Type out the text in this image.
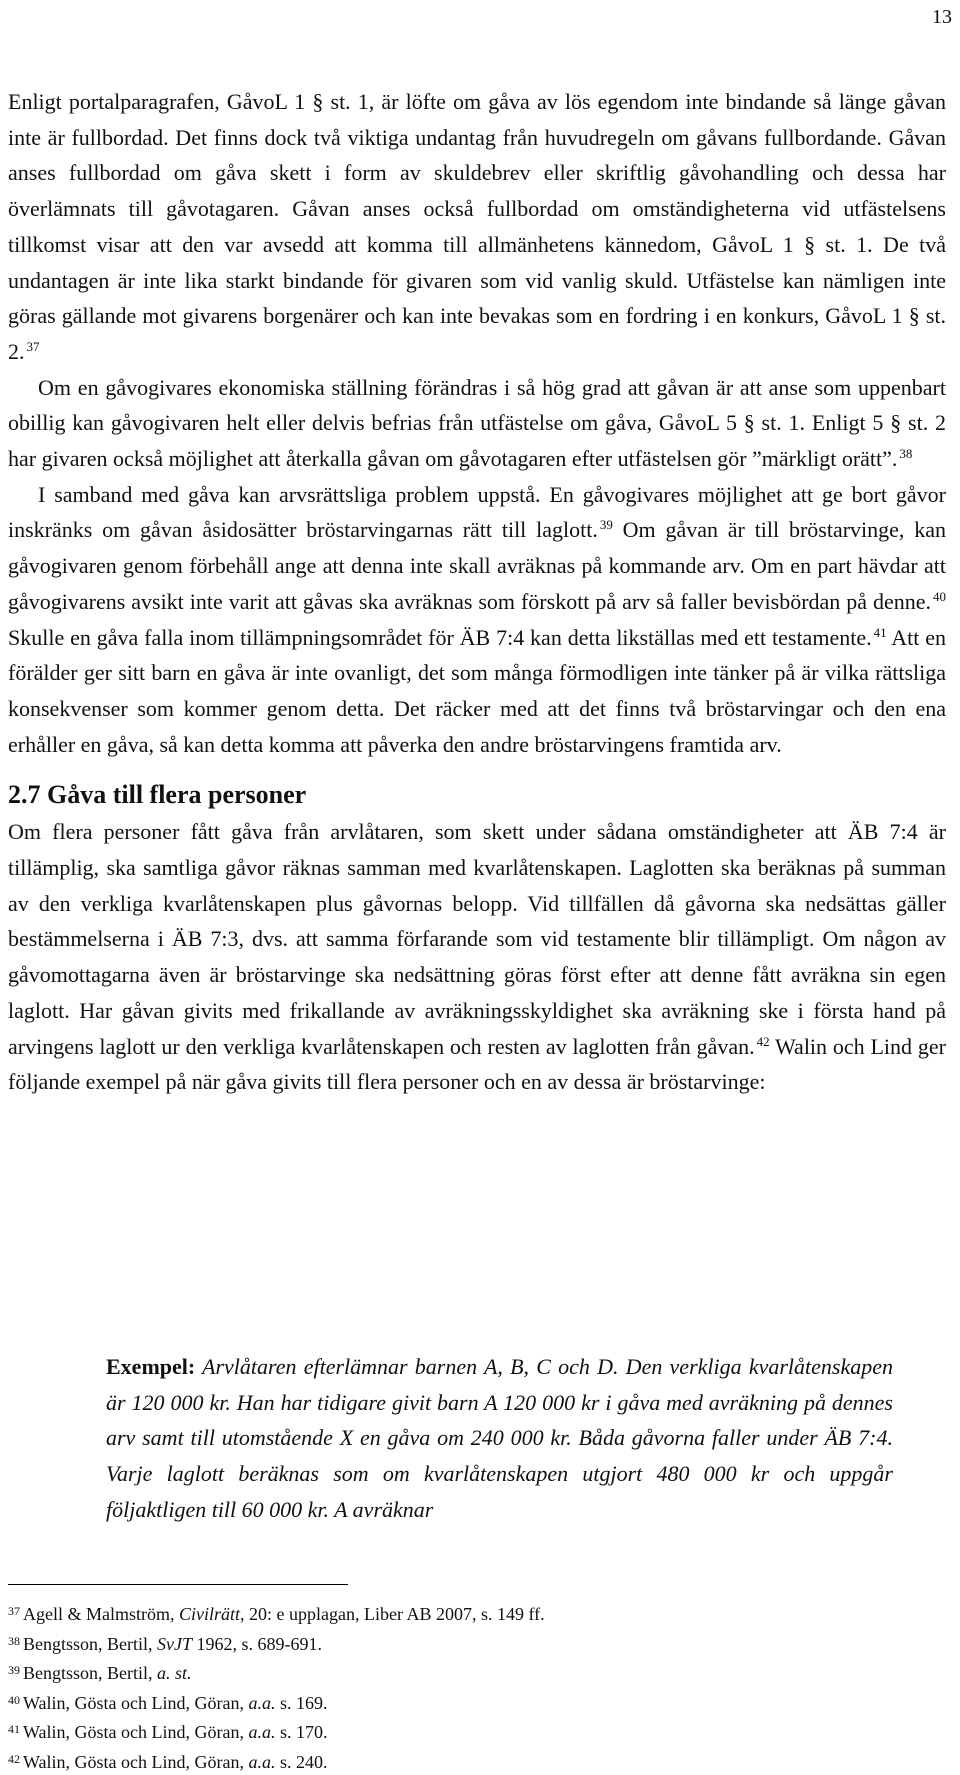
13

Enligt portalparagrafen, GåvoL 1 § st. 1, är löfte om gåva av lös egendom inte bindande så länge gåvan inte är fullbordad. Det finns dock två viktiga undantag från huvudregeln om gåvans fullbordande. Gåvan anses fullbordad om gåva skett i form av skuldebrev eller skriftlig gåvohandling och dessa har överlämnats till gåvotagaren. Gåvan anses också fullbordad om omständigheterna vid utfästelsens tillkomst visar att den var avsedd att komma till allmänhetens kännedom, GåvoL 1 § st. 1. De två undantagen är inte lika starkt bindande för givaren som vid vanlig skuld. Utfästelse kan nämligen inte göras gällande mot givarens borgenärer och kan inte bevakas som en fordring i en konkurs, GåvoL 1 § st. 2. $^{37}$

Om en gåvogivares ekonomiska ställning förändras i så hög grad att gåvan är att anse som uppenbart obillig kan gåvogivaren helt eller delvis befrias från utfästelse om gåva, GåvoL 5 § st. 1. Enligt 5 § st. 2 har givaren också möjlighet att återkalla gåvan om gåvotagaren efter utfästelsen gör ”märkligt orätt”. $^{38}$

I samband med gåva kan arvsrättsliga problem uppstå. En gåvogivares möjlighet att ge bort gåvor inskränks om gåvan åsidosätter bröstarvingarnas rätt till laglott. $^{39}$ Om gåvan är till bröstarvinge, kan gåvogivaren genom förbehåll ange att denna inte skall avräknas på kommande arv. Om en part hävdar att gåvogivarens avsikt inte varit att gåvas ska avräknas som förskott på arv så faller bevisbördan på denne. $^{40}$ Skulle en gåva falla inom tillämpningsområdet för ÄB 7:4 kan detta likställas med ett testamente. $^{41}$ Att en förälder ger sitt barn en gåva är inte ovanligt, det som många förmodligen inte tänker på är vilka rättsliga konsekvenser som kommer genom detta. Det räcker med att det finns två bröstarvingar och den ena erhåller en gåva, så kan detta komma att påverka den andre bröstarvingens framtida arv.

2.7 Gåva till flera personer

Om flera personer fått gåva från arvlåtaren, som skett under sådana omständigheter att ÄB 7:4 är tillämplig, ska samtliga gåvor räknas samman med kvarlåtenskapen. Laglotten ska beräknas på summan av den verkliga kvarlåtenskapen plus gåvornas belopp. Vid tillfällen då gåvorna ska nedsättas gäller bestämmelserna i ÄB 7:3, dvs. att samma förfarande som vid testamente blir tillämpligt. Om någon av gåvomottagarna även är bröstarvinge ska nedsättning göras först efter att denne fått avräkna sin egen laglott. Har gåvan givits med frikallande av avräkningsskyldighet ska avräkning ske i första hand på arvingens laglott ur den verkliga kvarlåtenskapen och resten av laglotten från gåvan. $^{42}$ Walin och Lind ger följande exempel på när gåva givits till flera personer och en av dessa är bröstarvinge:

Exempel: Arvlåtaren efterlämnar barnen A, B, C och D. Den verkliga kvarlåtenskapen är 120 000 kr. Han har tidigare givit barn A 120 000 kr i gåva med avräkning på dennes arv samt till utomstående X en gåva om 240 000 kr. Båda gåvorna faller under ÄB 7:4. Varje laglott beräknas som om kvarlåtenskapen utgjort 480 000 kr och uppgår följaktligen till 60 000 kr. A avräknar
$^{37}$ Agell & Malmström, Civilrätt, 20: e upplagan, Liber AB 2007, s. 149 ff.
$^{38}$ Bengtsson, Bertil, SvJT 1962, s. 689-691.
$^{39}$ Bengtsson, Bertil, a. st.
$^{40}$ Walin, Gösta och Lind, Göran, a.a. s. 169.
$^{41}$ Walin, Gösta och Lind, Göran, a.a. s. 170.
$^{42}$ Walin, Gösta och Lind, Göran, a.a. s. 240.
